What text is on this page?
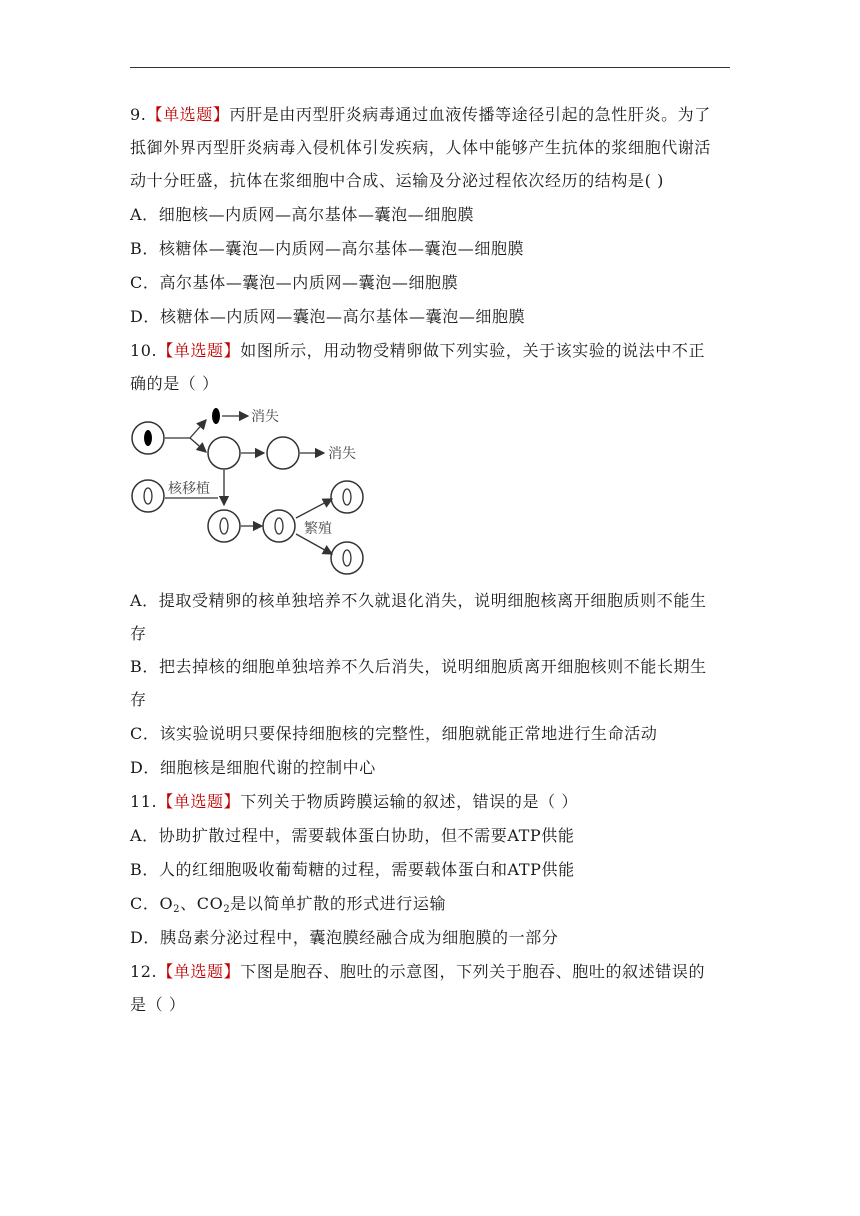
9.【单选题】丙肝是由丙型肝炎病毒通过血液传播等途径引起的急性肝炎。为了
抵御外界丙型肝炎病毒入侵机体引发疾病，人体中能够产生抗体的浆细胞代谢活
动十分旺盛，抗体在浆细胞中合成、运输及分泌过程依次经历的结构是( )
A．细胞核—内质网—高尔基体—囊泡—细胞膜
B．核糖体—囊泡—内质网—高尔基体—囊泡—细胞膜
C．高尔基体—囊泡—内质网—囊泡—细胞膜
D．核糖体—内质网—囊泡—高尔基体—囊泡—细胞膜
10.【单选题】如图所示，用动物受精卵做下列实验，关于该实验的说法中不正
确的是（ ）
消失
消失
核移植
繁殖
A．提取受精卵的核单独培养不久就退化消失，说明细胞核离开细胞质则不能生
存
B．把去掉核的细胞单独培养不久后消失，说明细胞质离开细胞核则不能长期生
存
C．该实验说明只要保持细胞核的完整性，细胞就能正常地进行生命活动
D．细胞核是细胞代谢的控制中心
11.【单选题】下列关于物质跨膜运输的叙述，错误的是（ ）
A．协助扩散过程中，需要载体蛋白协助，但不需要ATP供能
B．人的红细胞吸收葡萄糖的过程，需要载体蛋白和ATP供能
C．$O_2$、$CO_2$是以简单扩散的形式进行运输
D．胰岛素分泌过程中，囊泡膜经融合成为细胞膜的一部分
12.【单选题】下图是胞吞、胞吐的示意图，下列关于胞吞、胞吐的叙述错误的
是（ ）
